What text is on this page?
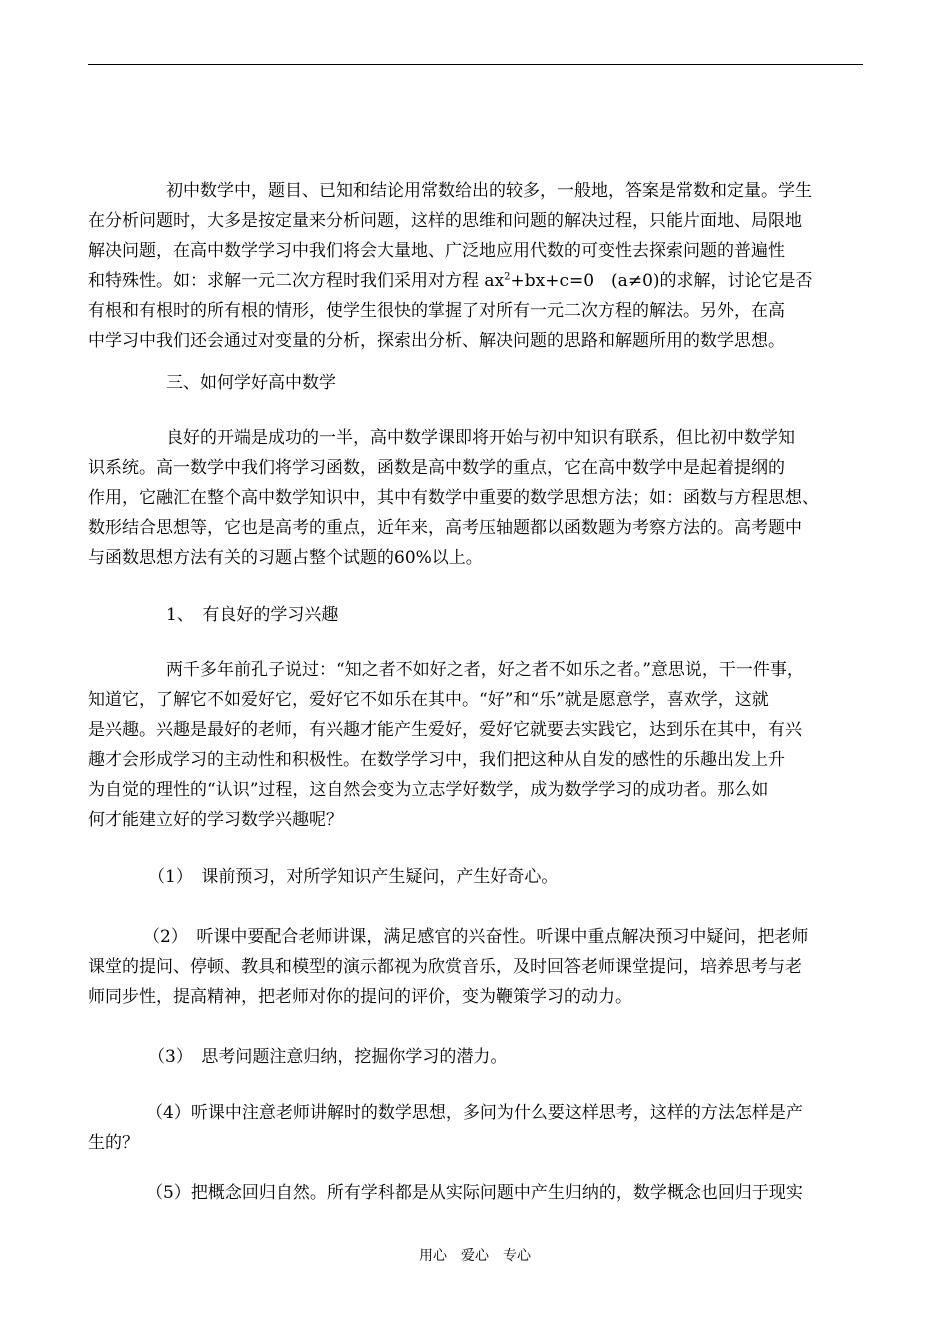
初中数学中，题目、已知和结论用常数给出的较多，一般地，答案是常数和定量。学生
在分析问题时，大多是按定量来分析问题，这样的思维和问题的解决过程，只能片面地、局限地
解决问题，在高中数学学习中我们将会大量地、广泛地应用代数的可变性去探索问题的普遍性
和特殊性。如：求解一元二次方程时我们采用对方程 $ax^2+bx+c=0$　(a≠0)的求解，讨论它是否
有根和有根时的所有根的情形，使学生很快的掌握了对所有一元二次方程的解法。另外，在高
中学习中我们还会通过对变量的分析，探索出分析、解决问题的思路和解题所用的数学思想。
三、如何学好高中数学
良好的开端是成功的一半，高中数学课即将开始与初中知识有联系，但比初中数学知
识系统。高一数学中我们将学习函数，函数是高中数学的重点，它在高中数学中是起着提纲的
作用，它融汇在整个高中数学知识中，其中有数学中重要的数学思想方法；如：函数与方程思想、
数形结合思想等，它也是高考的重点，近年来，高考压轴题都以函数题为考察方法的。高考题中
与函数思想方法有关的习题占整个试题的60%以上。
1、　有良好的学习兴趣
两千多年前孔子说过：“知之者不如好之者，好之者不如乐之者。”意思说，干一件事，
知道它，了解它不如爱好它，爱好它不如乐在其中。“好”和“乐”就是愿意学，喜欢学，这就
是兴趣。兴趣是最好的老师，有兴趣才能产生爱好，爱好它就要去实践它，达到乐在其中，有兴
趣才会形成学习的主动性和积极性。在数学学习中，我们把这种从自发的感性的乐趣出发上升
为自觉的理性的“认识”过程，这自然会变为立志学好数学，成为数学学习的成功者。那么如
何才能建立好的学习数学兴趣呢？
（1）　课前预习，对所学知识产生疑问，产生好奇心。
（2）　听课中要配合老师讲课，满足感官的兴奋性。听课中重点解决预习中疑问，把老师
课堂的提问、停顿、教具和模型的演示都视为欣赏音乐，及时回答老师课堂提问，培养思考与老
师同步性，提高精神，把老师对你的提问的评价，变为鞭策学习的动力。
（3）　思考问题注意归纳，挖掘你学习的潜力。
（4）听课中注意老师讲解时的数学思想，多问为什么要这样思考，这样的方法怎样是产
生的？
（5）把概念回归自然。所有学科都是从实际问题中产生归纳的，数学概念也回归于现实
用心　爱心　专心
